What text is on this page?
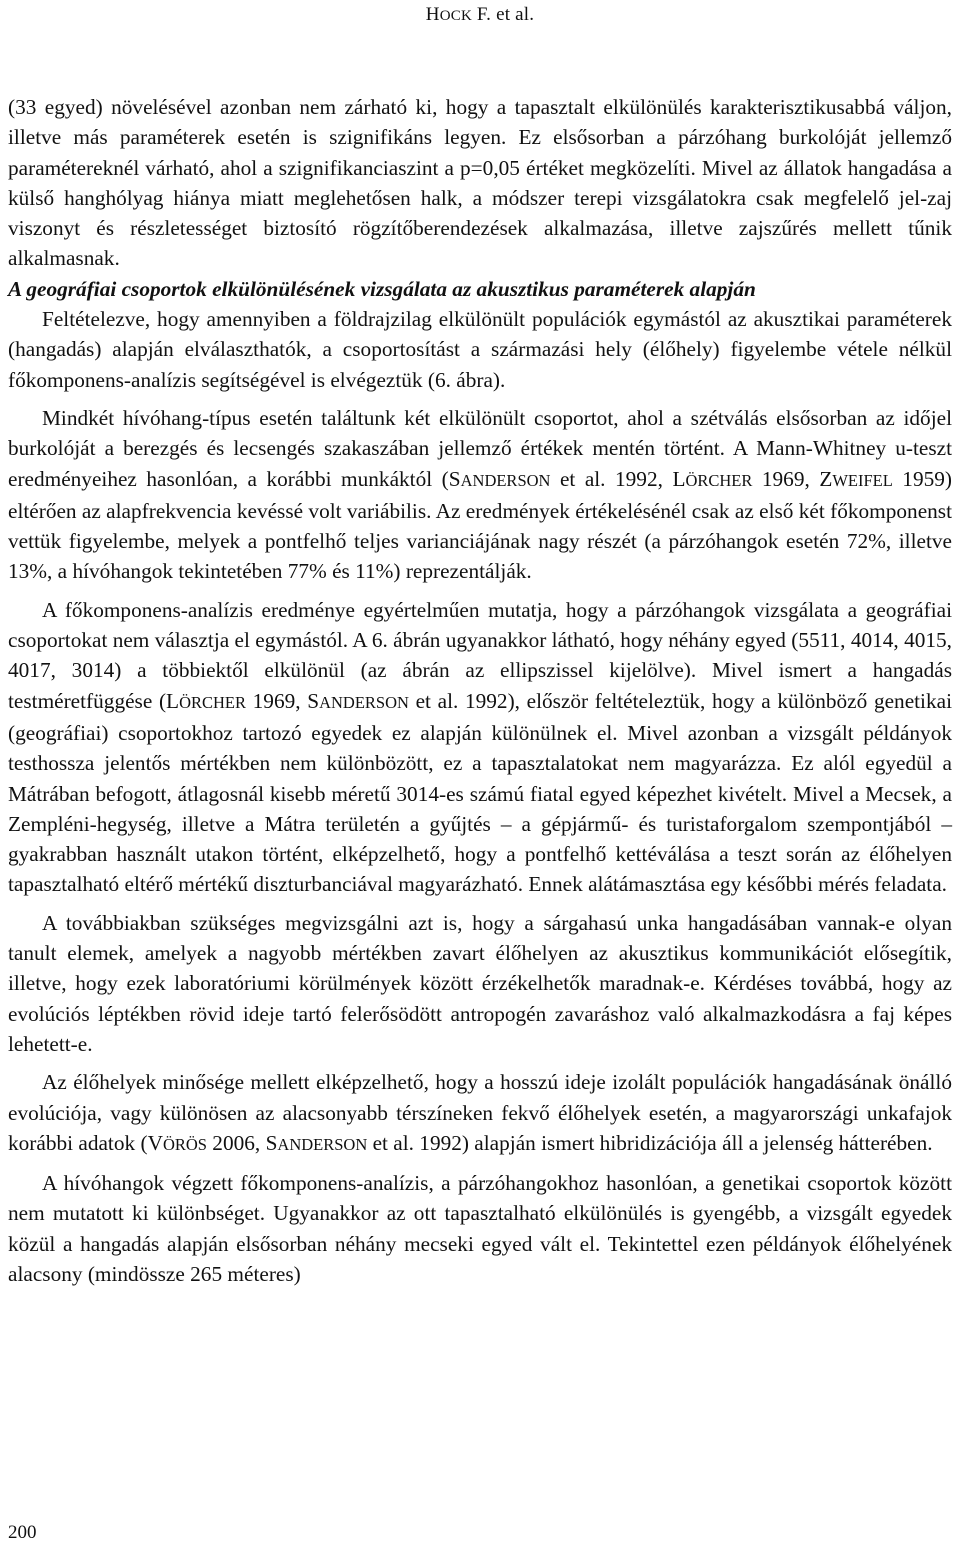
HOCK F. et al.

(33 egyed) növelésével azonban nem zárható ki, hogy a tapasztalt elkülönülés karakterisztikusabbá váljon, illetve más paraméterek esetén is szignifikáns legyen. Ez elsősorban a párzóhang burkolóját jellemző paramétereknél várható, ahol a szignifikanciaszint a p=0,05 értéket megközelíti. Mivel az állatok hangadása a külső hanghólyag hiánya miatt meglehetősen halk, a módszer terepi vizsgálatokra csak megfelelő jel-zaj viszonyt és részletességet biztosító rögzítőberendezések alkalmazása, illetve zajszűrés mellett tűnik alkalmasnak.

A geográfiai csoportok elkülönülésének vizsgálata az akusztikus paraméterek alapján

Feltételezve, hogy amennyiben a földrajzilag elkülönült populációk egymástól az akusztikai paraméterek (hangadás) alapján elválaszthatók, a csoportosítást a származási hely (élőhely) figyelembe vétele nélkül főkomponens-analízis segítségével is elvégeztük (6. ábra).

Mindkét hívóhang-típus esetén találtunk két elkülönült csoportot, ahol a szétválás elsősorban az időjel burkolóját a berezgés és lecsengés szakaszában jellemző értékek mentén történt. A Mann-Whitney u-teszt eredményeihez hasonlóan, a korábbi munkáktól (SANDERSON et al. 1992, LÖRCHER 1969, ZWEIFEL 1959) eltérően az alapfrekvencia kevéssé volt variábilis. Az eredmények értékelésénél csak az első két főkomponenst vettük figyelembe, melyek a pontfelhő teljes varianciájának nagy részét (a párzóhangok esetén 72%, illetve 13%, a hívóhangok tekintetében 77% és 11%) reprezentálják.

A főkomponens-analízis eredménye egyértelműen mutatja, hogy a párzóhangok vizsgálata a geográfiai csoportokat nem választja el egymástól. A 6. ábrán ugyanakkor látható, hogy néhány egyed (5511, 4014, 4015, 4017, 3014) a többiektől elkülönül (az ábrán az ellipszissel kijelölve). Mivel ismert a hangadás testméretfüggése (LÖRCHER 1969, SANDERSON et al. 1992), először feltételeztük, hogy a különböző genetikai (geográfiai) csoportokhoz tartozó egyedek ez alapján különülnek el. Mivel azonban a vizsgált példányok testhossza jelentős mértékben nem különbözött, ez a tapasztalatokat nem magyarázza. Ez alól egyedül a Mátrában befogott, átlagosnál kisebb méretű 3014-es számú fiatal egyed képezhet kivételt. Mivel a Mecsek, a Zempléni-hegység, illetve a Mátra területén a gyűjtés – a gépjármű- és turistaforgalom szempontjából – gyakrabban használt utakon történt, elképzelhető, hogy a pontfelhő kettéválása a teszt során az élőhelyen tapasztalható eltérő mértékű diszturbanciával magyarázható. Ennek alátámasztása egy későbbi mérés feladata.

A továbbiakban szükséges megvizsgálni azt is, hogy a sárgahasú unka hangadásában vannak-e olyan tanult elemek, amelyek a nagyobb mértékben zavart élőhelyen az akusztikus kommunikációt elősegítik, illetve, hogy ezek laboratóriumi körülmények között érzékelhetők maradnak-e. Kérdéses továbbá, hogy az evolúciós léptékben rövid ideje tartó felerősödött antropogén zavaráshoz való alkalmazkodásra a faj képes lehetett-e.

Az élőhelyek minősége mellett elképzelhető, hogy a hosszú ideje izolált populációk hangadásának önálló evolúciója, vagy különösen az alacsonyabb térszíneken fekvő élőhelyek esetén, a magyarországi unkafajok korábbi adatok (VÖRÖS 2006, SANDERSON et al. 1992) alapján ismert hibridizációja áll a jelenség hátterében.

A hívóhangok végzett főkomponens-analízis, a párzóhangokhoz hasonlóan, a genetikai csoportok között nem mutatott ki különbséget. Ugyanakkor az ott tapasztalható elkülönülés is gyengébb, a vizsgált egyedek közül a hangadás alapján elsősorban néhány mecseki egyed vált el. Tekintettel ezen példányok élőhelyének alacsony (mindössze 265 méteres)

200
